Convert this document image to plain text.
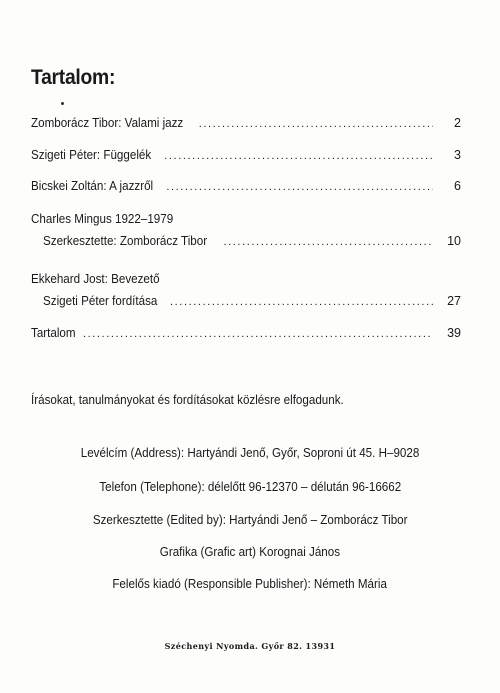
Tartalom:
Zomborácz Tibor: Valami jazz .....	2
Szigeti Péter: Függelék .....	3
Bicskei Zoltán: A jazzről .....	6
Charles Mingus 1922–1979
Szerkesztette: Zomborácz Tibor .....	10
Ekkehard Jost: Bevezető
Szigeti Péter fordítása .....	27
Tartalom .....	39
Írásokat, tanulmányokat és fordításokat közlésre elfogadunk.
Levélcím (Address): Hartyándi Jenő, Győr, Soproni út 45. H–9028
Telefon (Telephone): délelőtt 96-12370 – délután 96-16662
Szerkesztette (Edited by): Hartyándi Jenő – Zomborácz Tibor
Grafika (Grafic art) Korognai János
Felelős kiadó (Responsible Publisher): Németh Mária
Széchenyi Nyomda. Győr 82. 13931
